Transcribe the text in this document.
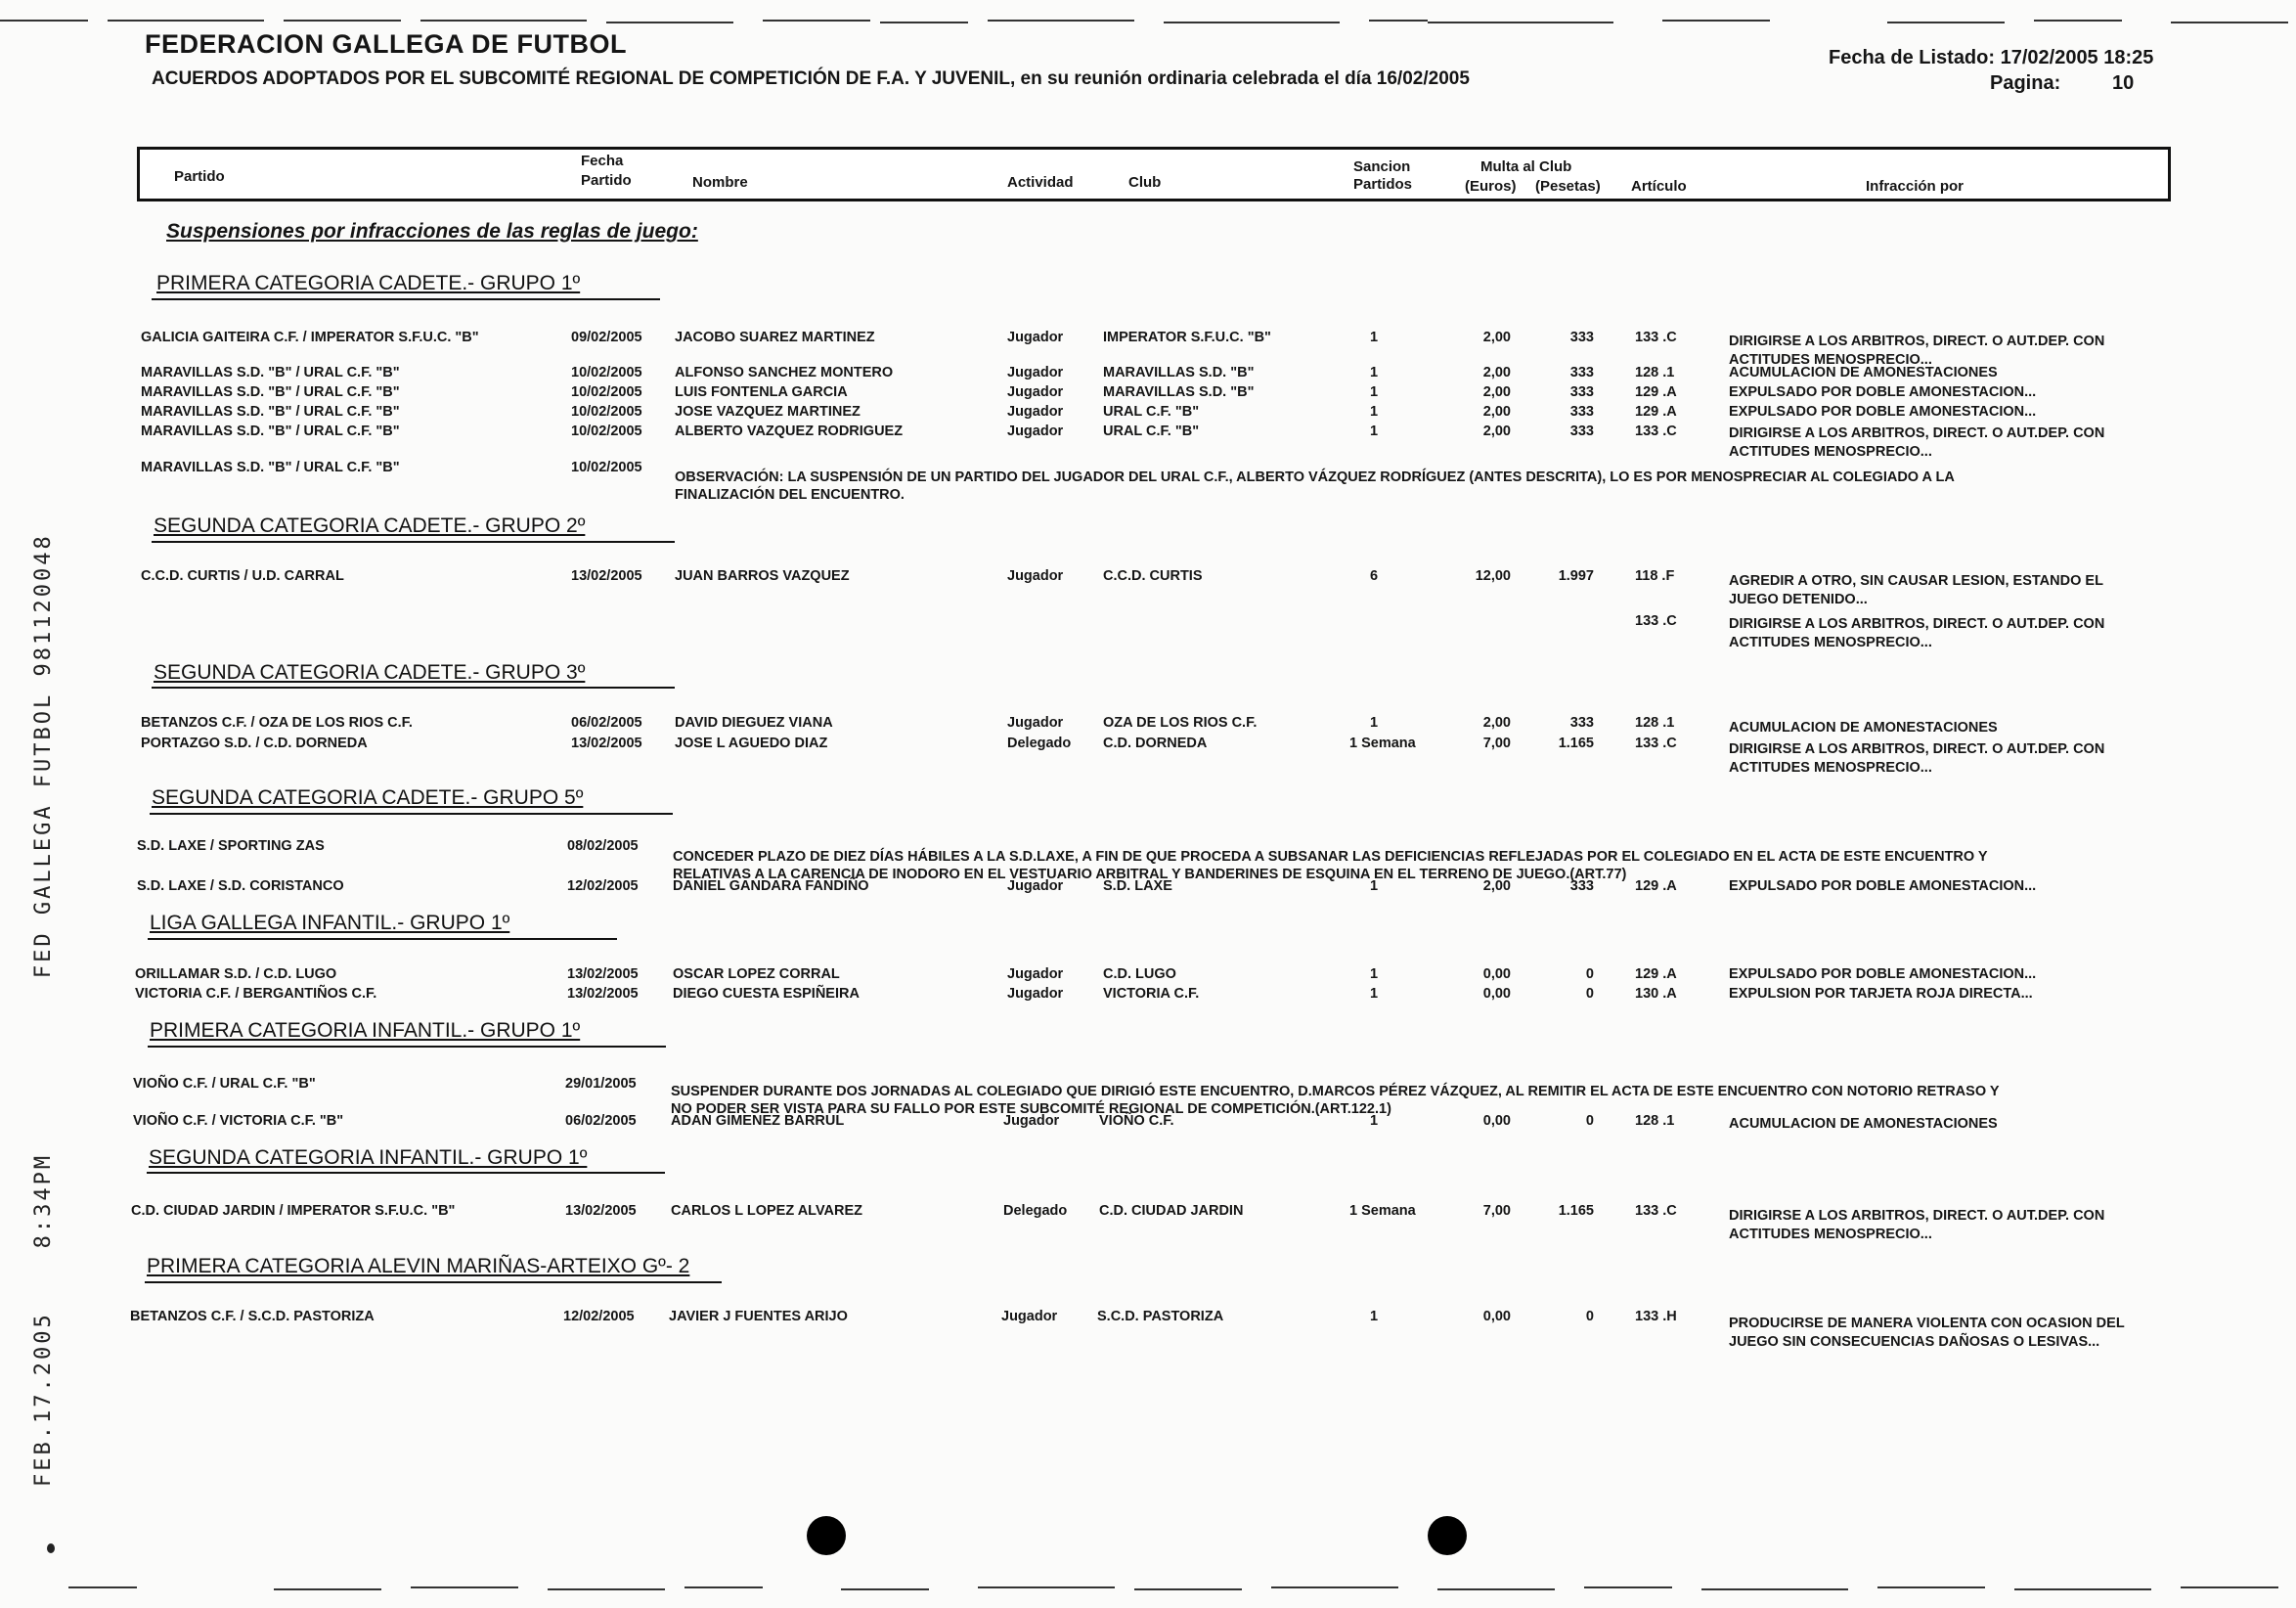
FEB.17.2005    8:34PM           FED GALLEGA FUTBOL 981120048
FEDERACION GALLEGA DE FUTBOL
ACUERDOS ADOPTADOS POR EL SUBCOMITÉ REGIONAL DE COMPETICIÓN DE F.A. Y JUVENIL, en su reunión ordinaria celebrada el día 16/02/2005
Fecha de Listado: 17/02/2005 18:25
Pagina:	10
Partido
Fecha
Partido	Nombre	Actividad	Club
Sancion
Partidos
Multa al Club
(Euros) (Pesetas) Artículo	Infracción por
Suspensiones por infracciones de las reglas de juego:
PRIMERA CATEGORIA CADETE.- GRUPO 1º
GALICIA GAITEIRA C.F. / IMPERATOR S.F.U.C. "B"	09/02/2005 JACOBO SUAREZ MARTINEZ	Jugador	IMPERATOR S.F.U.C. "B"	1	2,00	333	133 .C	DIRIGIRSE A LOS ARBITROS, DIRECT. O AUT.DEP. CON
ACTITUDES MENOSPRECIO...
MARAVILLAS S.D. "B" / URAL C.F. "B"	10/02/2005 ALFONSO SANCHEZ MONTERO	Jugador	MARAVILLAS S.D. "B"	1	2,00	333	128 .1	ACUMULACION DE AMONESTACIONES
MARAVILLAS S.D. "B" / URAL C.F. "B"	10/02/2005 LUIS FONTENLA GARCIA	Jugador	MARAVILLAS S.D. "B"	1	2,00	333	129 .A	EXPULSADO POR DOBLE AMONESTACION...
MARAVILLAS S.D. "B" / URAL C.F. "B"	10/02/2005 JOSE VAZQUEZ MARTINEZ	Jugador	URAL C.F. "B"	1	2,00	333	129 .A	EXPULSADO POR DOBLE AMONESTACION...
MARAVILLAS S.D. "B" / URAL C.F. "B"	10/02/2005 ALBERTO VAZQUEZ RODRIGUEZ	Jugador	URAL C.F. "B"	1	2,00	333	133 .C	DIRIGIRSE A LOS ARBITROS, DIRECT. O AUT.DEP. CON
ACTITUDES MENOSPRECIO...
MARAVILLAS S.D. "B" / URAL C.F. "B"	10/02/2005
OBSERVACIÓN: LA SUSPENSIÓN DE UN PARTIDO DEL JUGADOR DEL URAL C.F., ALBERTO VÁZQUEZ RODRÍGUEZ (ANTES DESCRITA), LO ES POR MENOSPRECIAR AL COLEGIADO A LA
FINALIZACIÓN DEL ENCUENTRO.
SEGUNDA CATEGORIA CADETE.- GRUPO 2º
C.C.D. CURTIS / U.D. CARRAL	13/02/2005 JUAN BARROS VAZQUEZ	Jugador	C.C.D. CURTIS	6	12,00	1.997	118 .F	AGREDIR A OTRO, SIN CAUSAR LESION, ESTANDO EL
JUEGO DETENIDO...
133 .C	DIRIGIRSE A LOS ARBITROS, DIRECT. O AUT.DEP. CON
ACTITUDES MENOSPRECIO...
SEGUNDA CATEGORIA CADETE.- GRUPO 3º
BETANZOS C.F. / OZA DE LOS RIOS C.F.	06/02/2005 DAVID DIEGUEZ VIANA	Jugador	OZA DE LOS RIOS C.F.	1	2,00	333	128 .1	ACUMULACION DE AMONESTACIONES
PORTAZGO S.D. / C.D. DORNEDA	13/02/2005 JOSE L AGUEDO DIAZ	Delegado C.D. DORNEDA	1 Semana	7,00	1.165	133 .C	DIRIGIRSE A LOS ARBITROS, DIRECT. O AUT.DEP. CON
ACTITUDES MENOSPRECIO...
SEGUNDA CATEGORIA CADETE.- GRUPO 5º
S.D. LAXE / SPORTING ZAS	08/02/2005
CONCEDER PLAZO DE DIEZ DÍAS HÁBILES A LA S.D.LAXE, A FIN DE QUE PROCEDA A SUBSANAR LAS DEFICIENCIAS REFLEJADAS POR EL COLEGIADO EN EL ACTA DE ESTE ENCUENTRO Y
RELATIVAS A LA CARENCIA DE INODORO EN EL VESTUARIO ARBITRAL Y BANDERINES DE ESQUINA EN EL TERRENO DE JUEGO.(ART.77)
S.D. LAXE / S.D. CORISTANCO	12/02/2005 DANIEL GANDARA FANDIÑO	Jugador	S.D. LAXE	1	2,00	333	129 .A	EXPULSADO POR DOBLE AMONESTACION...
LIGA GALLEGA INFANTIL.- GRUPO 1º
ORILLAMAR S.D. / C.D. LUGO	13/02/2005 OSCAR LOPEZ CORRAL	Jugador	C.D. LUGO	1	0,00	0	129 .A	EXPULSADO POR DOBLE AMONESTACION...
VICTORIA C.F. / BERGANTIÑOS C.F.	13/02/2005 DIEGO CUESTA ESPIÑEIRA	Jugador	VICTORIA C.F.	1	0,00	0	130 .A	EXPULSION POR TARJETA ROJA DIRECTA...
PRIMERA CATEGORIA INFANTIL.- GRUPO 1º
VIOÑO C.F. / URAL C.F. "B"	29/01/2005 SUSPENDER DURANTE DOS JORNADAS AL COLEGIADO QUE DIRIGIÓ ESTE ENCUENTRO, D.MARCOS PÉREZ VÁZQUEZ, AL REMITIR EL ACTA DE ESTE ENCUENTRO CON NOTORIO RETRASO Y
NO PODER SER VISTA PARA SU FALLO POR ESTE SUBCOMITÉ REGIONAL DE COMPETICIÓN.(ART.122.1)
VIOÑO C.F. / VICTORIA C.F. "B"	06/02/2005 ADAN GIMENEZ BARRUL	Jugador	VIOÑO C.F.	1	0,00	0	128 .1	ACUMULACION DE AMONESTACIONES
SEGUNDA CATEGORIA INFANTIL.- GRUPO 1º
C.D. CIUDAD JARDIN / IMPERATOR S.F.U.C. "B"	13/02/2005 CARLOS L LOPEZ ALVAREZ	Delegado C.D. CIUDAD JARDIN	1 Semana	7,00	1.165	133 .C	DIRIGIRSE A LOS ARBITROS, DIRECT. O AUT.DEP. CON
ACTITUDES MENOSPRECIO...
PRIMERA CATEGORIA ALEVIN MARIÑAS-ARTEIXO Gº- 2
BETANZOS C.F. / S.C.D. PASTORIZA	12/02/2005 JAVIER J FUENTES ARIJO	Jugador	S.C.D. PASTORIZA	1	0,00	0	133 .H	PRODUCIRSE DE MANERA VIOLENTA CON OCASION DEL
JUEGO SIN CONSECUENCIAS DAÑOSAS O LESIVAS...
